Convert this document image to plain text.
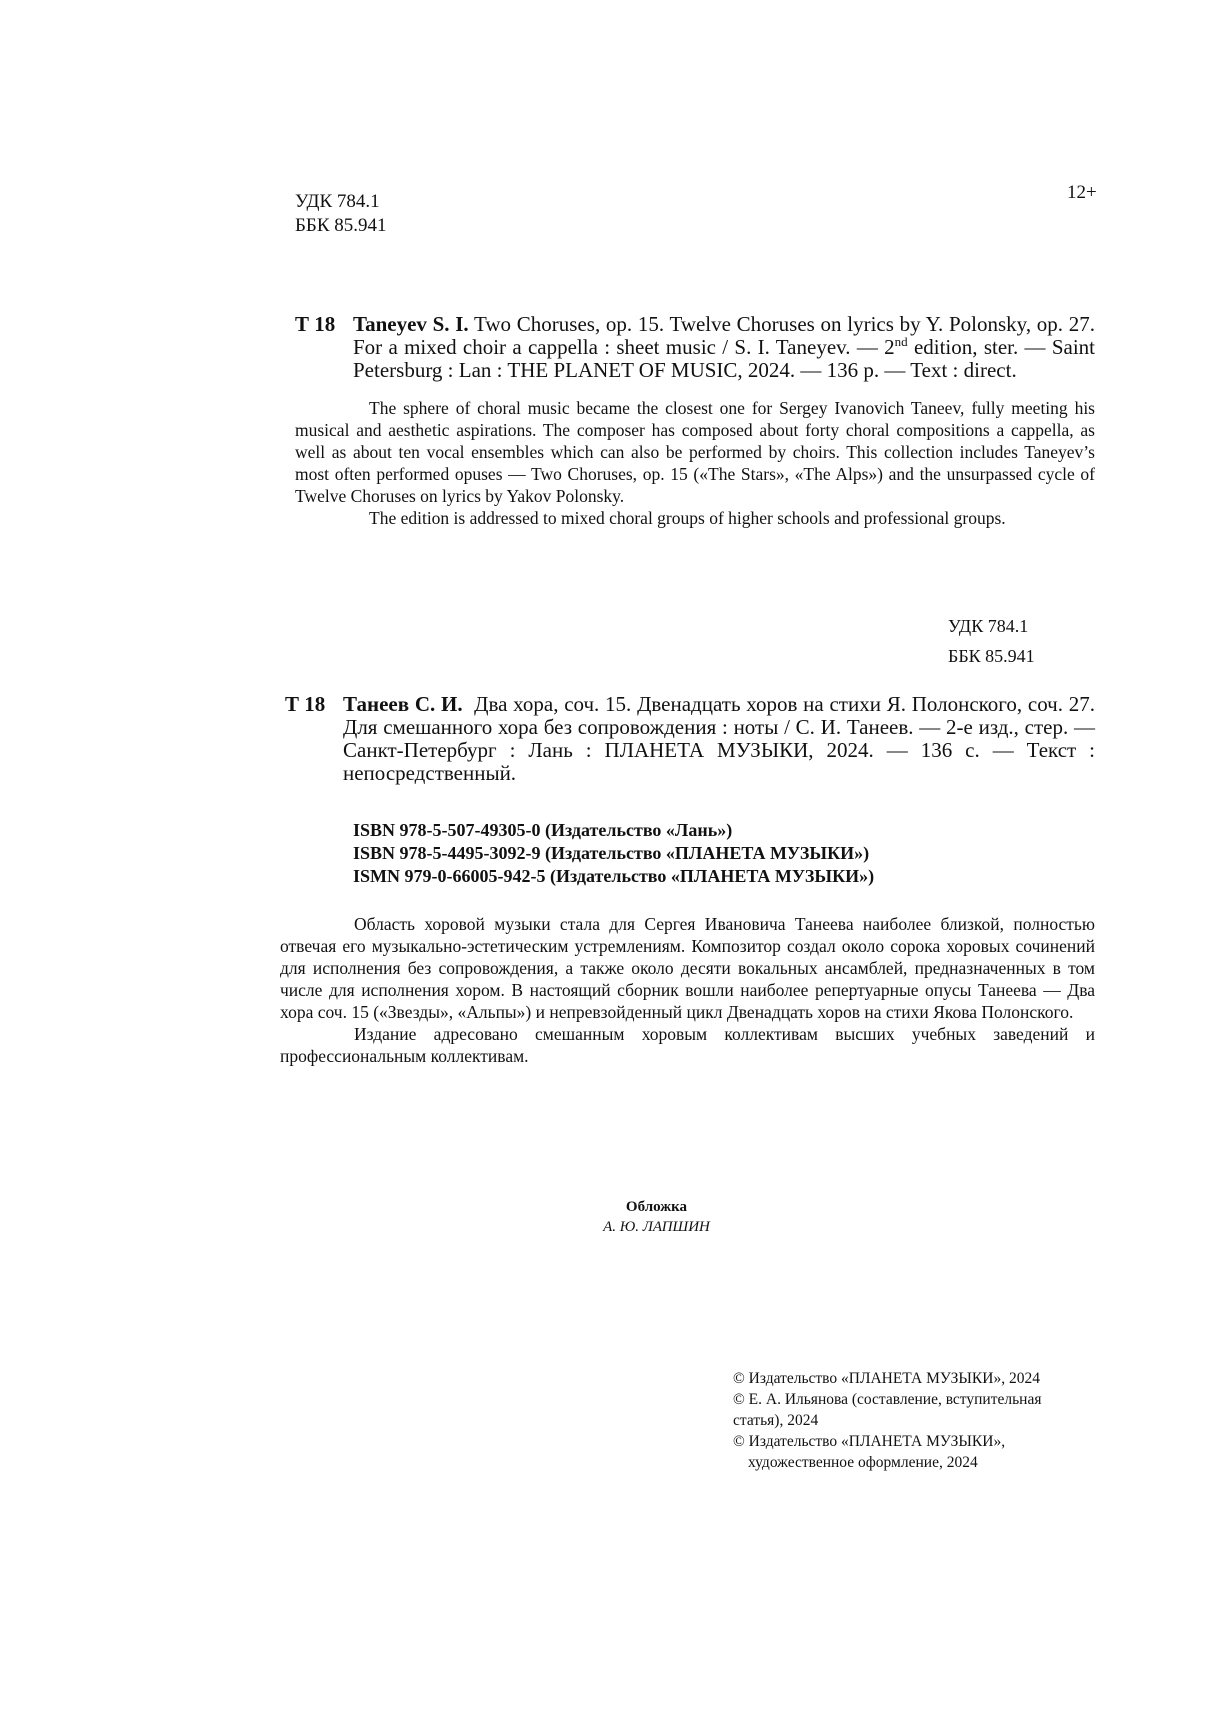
УДК 784.1
ББК 85.941
12+
Т 18 Taneyev S. I. Two Choruses, op. 15. Twelve Choruses on lyrics by Y. Polonsky, op. 27. For a mixed choir a cappella : sheet music / S. I. Taneyev. — 2nd edition, ster. — Saint Petersburg : Lan : THE PLANET OF MUSIC, 2024. — 136 p. — Text : direct.

The sphere of choral music became the closest one for Sergey Ivanovich Taneev, fully meeting his musical and aesthetic aspirations. The composer has composed about forty choral compositions a cappella, as well as about ten vocal ensembles which can also be performed by choirs. This collection includes Taneyev’s most often performed opuses — Two Choruses, op. 15 («The Stars», «The Alps») and the unsurpassed cycle of Twelve Choruses on lyrics by Yakov Polonsky.

The edition is addressed to mixed choral groups of higher schools and professional groups.

УДК 784.1
ББК 85.941
Т 18 Танеев С. И. Два хора, соч. 15. Двенадцать хоров на стихи Я. Полонского, соч. 27. Для смешанного хора без сопровождения : ноты / С. И. Танеев. — 2-е изд., стер. — Санкт-Петербург : Лань : ПЛАНЕТА МУЗЫКИ, 2024. — 136 с. — Текст : непосредственный.
ISBN 978-5-507-49305-0 (Издательство «Лань»)
ISBN 978-5-4495-3092-9 (Издательство «ПЛАНЕТА МУЗЫКИ»)
ISMN 979-0-66005-942-5 (Издательство «ПЛАНЕТА МУЗЫКИ»)

Область хоровой музыки стала для Сергея Ивановича Танеева наиболее близкой, полностью отвечая его музыкально-эстетическим устремлениям. Композитор создал около сорока хоровых сочинений для исполнения без сопровождения, а также около десяти вокальных ансамблей, предназначенных в том числе для исполнения хором. В настоящий сборник вошли наиболее репертуарные опусы Танеева — Два хора соч. 15 («Звезды», «Альпы») и непревзойденный цикл Двенадцать хоров на стихи Якова Полонского.

Издание адресовано смешанным хоровым коллективам высших учебных заведений и профессиональным коллективам.

Обложка
А. Ю. ЛАПШИН
© Издательство «ПЛАНЕТА МУЗЫКИ», 2024
© Е. А. Ильянова (составление, вступительная статья), 2024
© Издательство «ПЛАНЕТА МУЗЫКИ»,
художественное оформление, 2024
